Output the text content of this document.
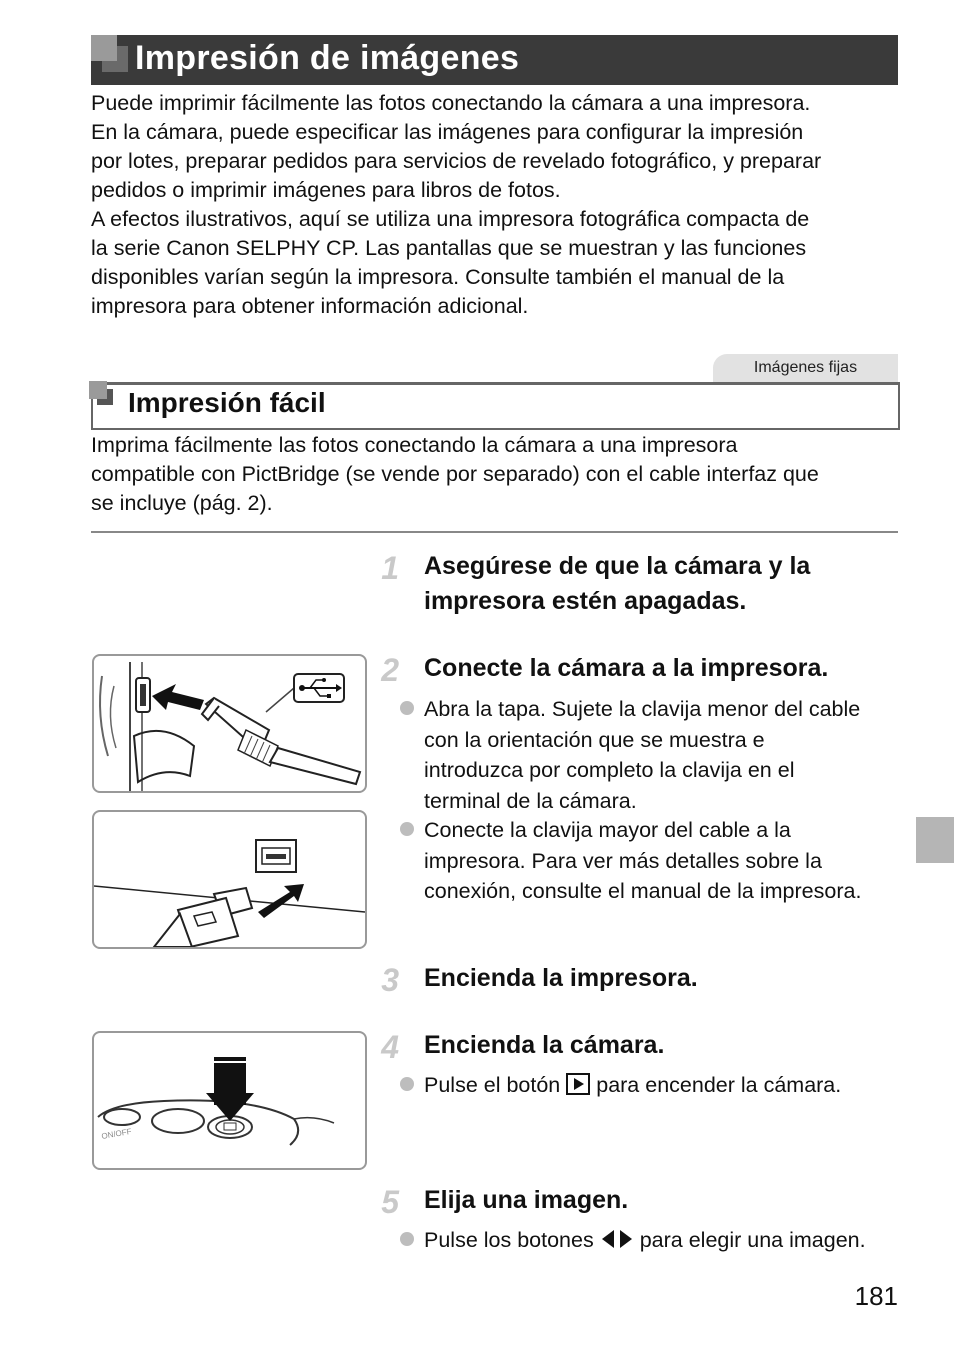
Impresión de imágenes
Puede imprimir fácilmente las fotos conectando la cámara a una impresora.
En la cámara, puede especificar las imágenes para configurar la impresión
por lotes, preparar pedidos para servicios de revelado fotográfico, y preparar
pedidos o imprimir imágenes para libros de fotos.
A efectos ilustrativos, aquí se utiliza una impresora fotográfica compacta de
la serie Canon SELPHY CP. Las pantallas que se muestran y las funciones
disponibles varían según la impresora. Consulte también el manual de la
impresora para obtener información adicional.
Imágenes fijas
Impresión fácil
Imprima fácilmente las fotos conectando la cámara a una impresora
compatible con PictBridge (se vende por separado) con el cable interfaz que
se incluye (pág. 2).
1 Asegúrese de que la cámara y la
impresora estén apagadas.
2 Conecte la cámara a la impresora.
Abra la tapa. Sujete la clavija menor del cable
con la orientación que se muestra e
introduzca por completo la clavija en el
terminal de la cámara.
Conecte la clavija mayor del cable a la
impresora. Para ver más detalles sobre la
conexión, consulte el manual de la impresora.
3 Encienda la impresora.
4 Encienda la cámara.
Pulse el botón para encender la cámara.
5 Elija una imagen.
Pulse los botones para elegir una imagen.
ON/OFF
181
